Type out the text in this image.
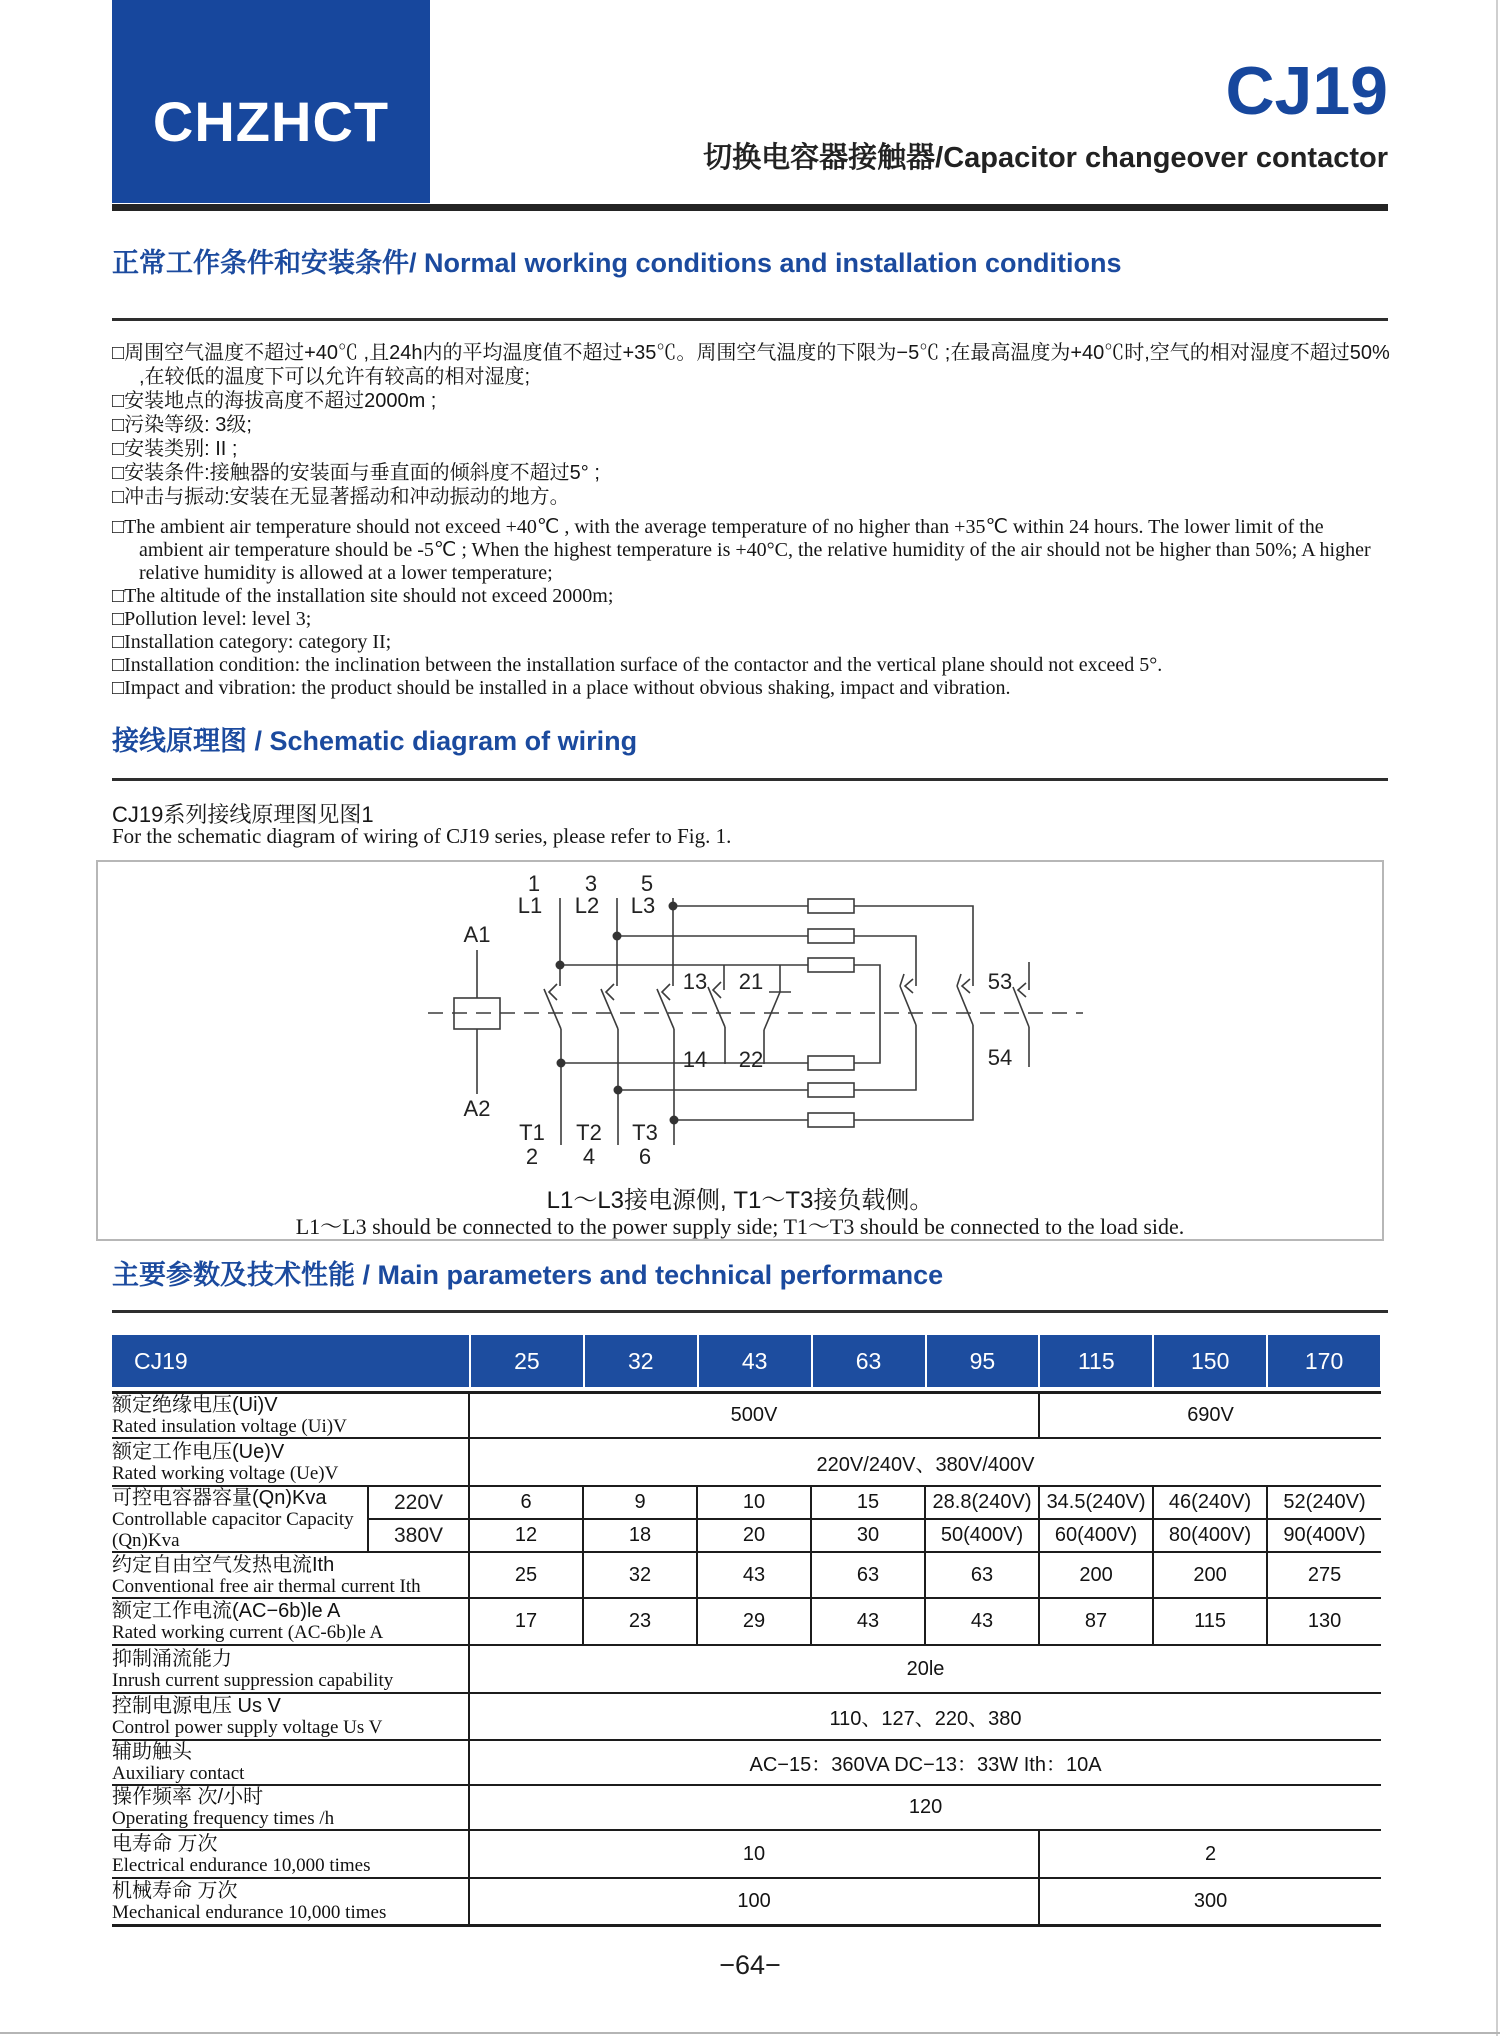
CHZHCT	CJ19
切换电容器接触器/Capacitor changeover contactor
正常工作条件和安装条件/ Normal working conditions and installation conditions
□周围空气温度不超过+40℃ ,且24h内的平均温度值不超过+35℃。周围空气温度的下限为−5℃ ;在最高温度为+40℃时,空气的相对湿度不超过50% ,在较低的温度下可以允许有较高的相对湿度;
□安装地点的海拔高度不超过2000m ;
□污染等级: 3级;
□安装类别: II ;
□安装条件:接触器的安装面与垂直面的倾斜度不超过5° ;
□冲击与振动:安装在无显著摇动和冲动振动的地方。
□The ambient air temperature should not exceed +40℃ , with the average temperature of no higher than +35℃ within 24 hours. The lower limit of the ambient air temperature should be -5℃ ; When the highest temperature is +40°C, the relative humidity of the air should not be higher than 50%; A higher relative humidity is allowed at a lower temperature;
□The altitude of the installation site should not exceed 2000m;
□Pollution level: level 3;
□Installation category: category II;
□Installation condition: the inclination between the installation surface of the contactor and the vertical plane should not exceed 5°.
□Impact and vibration: the product should be installed in a place without obvious shaking, impact and vibration.
接线原理图 / Schematic diagram of wiring
CJ19系列接线原理图见图1
For the schematic diagram of wiring of CJ19 series, please refer to Fig. 1.
A1
A2
1 3 5
L1 L2 L3
T1 T2 T3
2 4 6
13
14
21
22
53
54
L1～L3接电源侧, T1～T3接负载侧。
L1～L3 should be connected to the power supply side; T1～T3 should be connected to the load side.
主要参数及技术性能 / Main parameters and technical performance
CJ19	25	32	43	63	95	115	150	170
额定绝缘电压(Ui)V
Rated insulation voltage (Ui)V		500V					690V		

额定工作电压(Ue)V
Rated working voltage (Ue)V		220V/240V、380V/400V							

可控电容器容量(Qn)Kva
Controllable capacitor Capacity (Qn)Kva	220V	6	9	10	15	28.8(240V)	34.5(240V)	46(240V)	52(240V)
	380V	12	18	20	30	50(400V)	60(400V)	80(400V)	90(400V)

约定自由空气发热电流Ith
Conventional free air thermal current Ith		25	32	43	63	63	200	200	275

额定工作电流(AC−6b)le A
Rated working current (AC-6b)le A		17	23	29	43	43	87	115	130

抑制涌流能力
Inrush current suppression capability		20le							

控制电源电压 Us V
Control power supply voltage Us V		110、127、220、380							

辅助触头
Auxiliary contact		AC−15：360VA DC−13：33W Ith：10A							

操作频率 次/小时
Operating frequency times /h		120							

电寿命 万次
Electrical endurance 10,000 times		10					2		

机械寿命 万次
Mechanical endurance 10,000 times		100					300		
−64−
